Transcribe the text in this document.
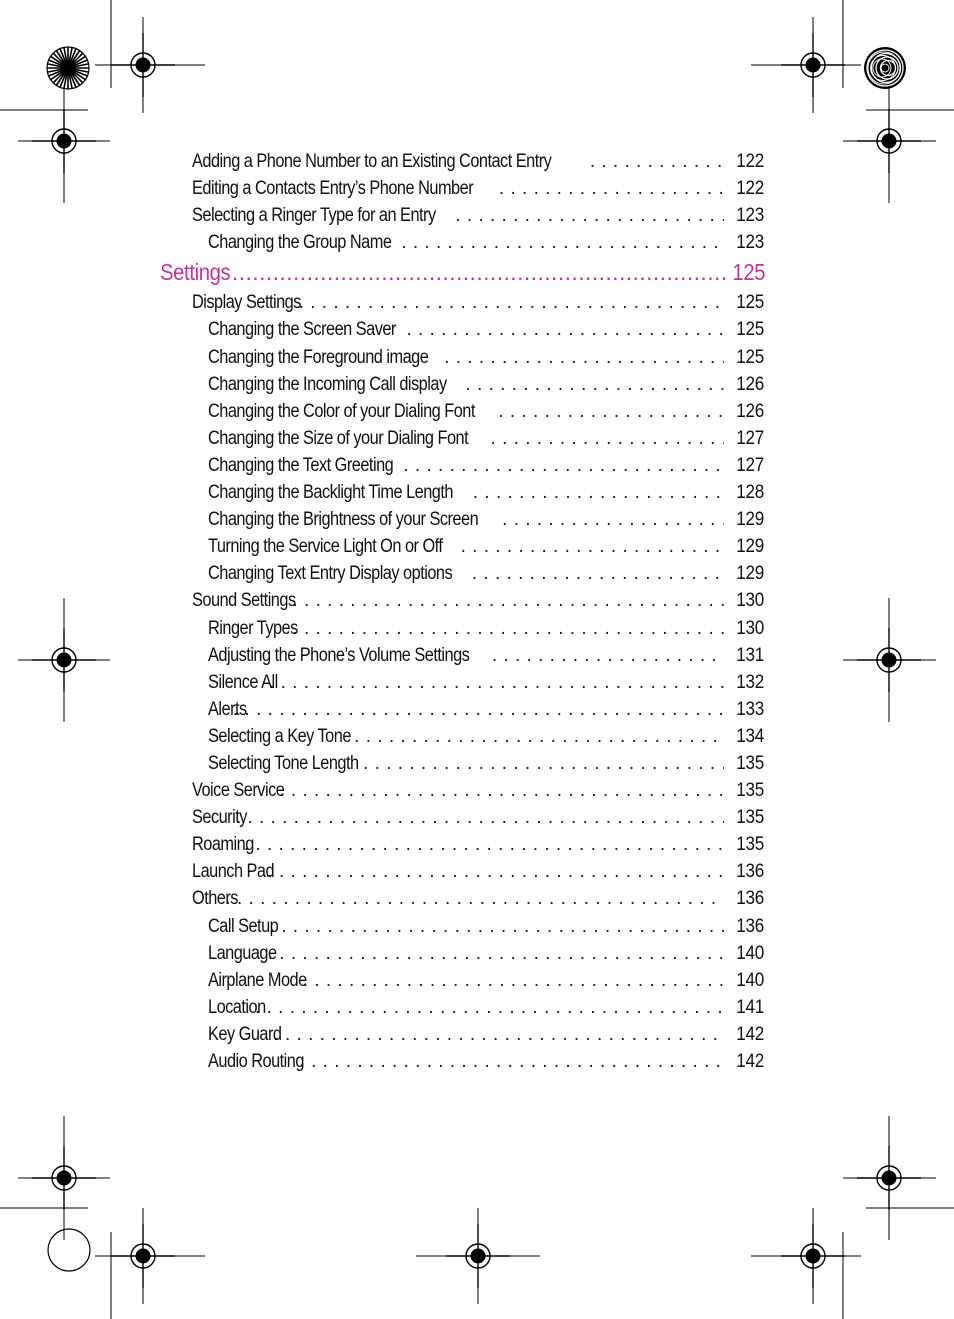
Adding a Phone Number to an Existing Contact Entry . . .	122
Editing a Contacts Entry’s Phone Number . . .	122
Selecting a Ringer Type for an Entry . . .	123
Changing the Group Name . . .	123
Settings .....	125
Display Settings . . .	125
Changing the Screen Saver . . .	125
Changing the Foreground image . . .	125
Changing the Incoming Call display . . .	126
Changing the Color of your Dialing Font . . .	126
Changing the Size of your Dialing Font . . .	127
Changing the Text Greeting . . .	127
Changing the Backlight Time Length . . .	128
Changing the Brightness of your Screen . . .	129
Turning the Service Light On or Off . . .	129
Changing Text Entry Display options . . .	129
Sound Settings . . .	130
Ringer Types . . .	130
Adjusting the Phone’s Volume Settings . . .	131
Silence All . . .	132
Alerts . . .	133
Selecting a Key Tone . . .	134
Selecting Tone Length . . .	135
Voice Service . . .	135
Security . . .	135
Roaming . . .	135
Launch Pad . . .	136
Others . . .	136
Call Setup . . .	136
Language . . .	140
Airplane Mode . . .	140
Location . . .	141
Key Guard . . .	142
Audio Routing . . .	142
